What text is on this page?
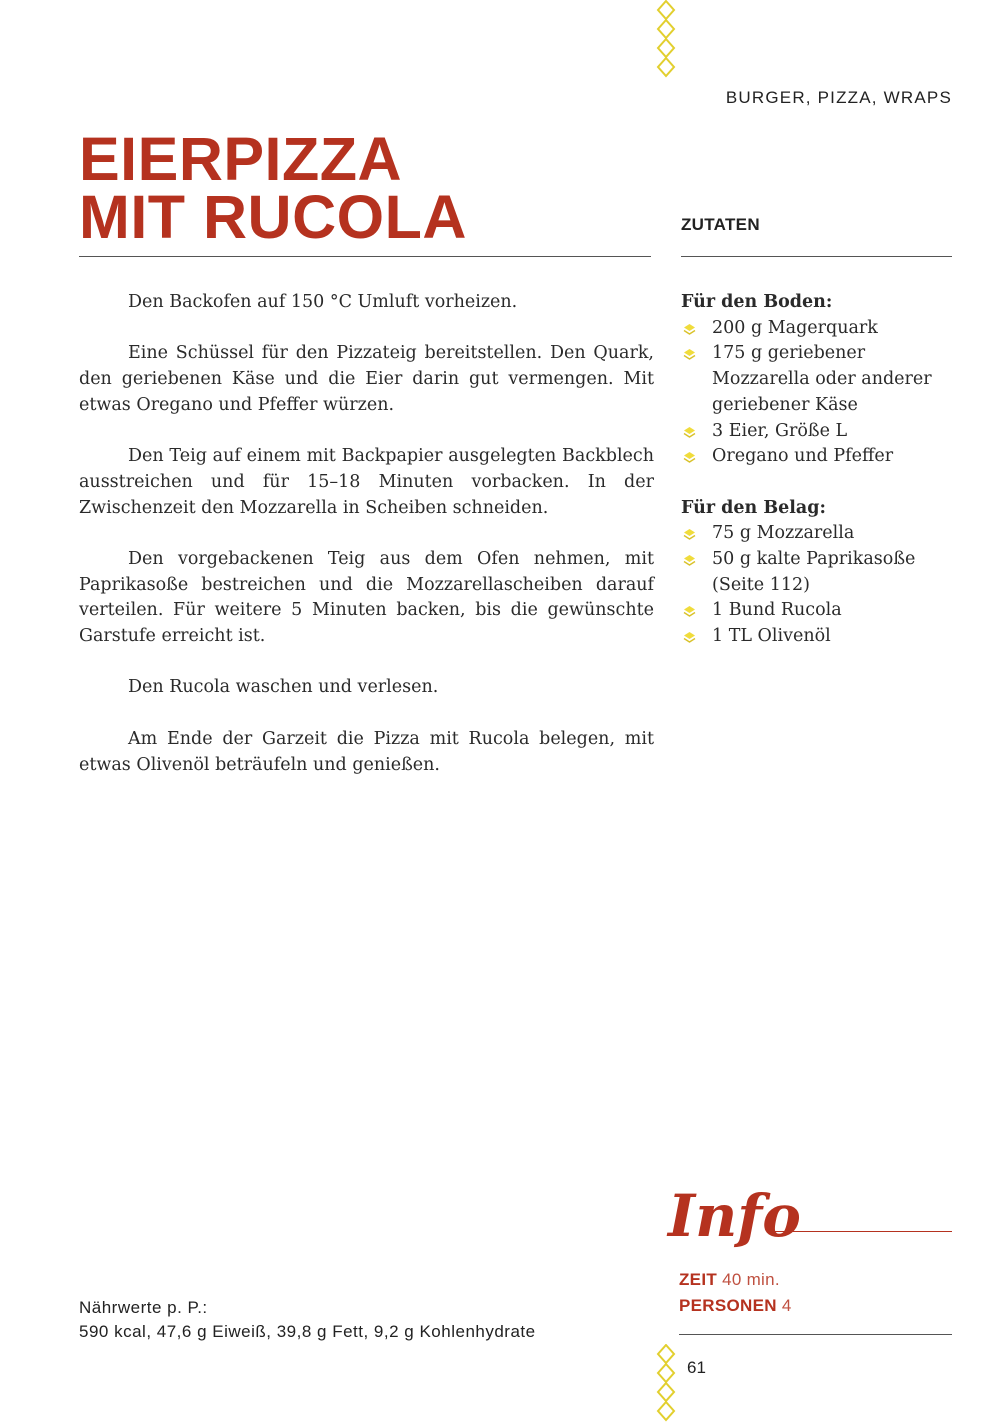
BURGER, PIZZA, WRAPS
EIERPIZZA
MIT RUCOLA	ZUTATEN

Den Backofen auf 150 °C Umluft vorheizen.

Eine Schüssel für den Pizzateig bereitstellen. Den Quark, den geriebenen Käse und die Eier darin gut vermengen. Mit etwas Oregano und Pfeffer würzen.

Den Teig auf einem mit Backpapier ausgelegten Backblech ausstreichen und für 15–18 Minuten vorbacken. In der Zwischenzeit den Mozzarella in Scheiben schneiden.

Den vorgebackenen Teig aus dem Ofen nehmen, mit Paprikasoße bestreichen und die Mozzarellascheiben darauf verteilen. Für weitere 5 Minuten backen, bis die gewünschte Garstufe erreicht ist.

Den Rucola waschen und verlesen.

Am Ende der Garzeit die Pizza mit Rucola belegen, mit etwas Olivenöl beträufeln und genießen.

Für den Boden:
200 g Magerquark
175 g geriebener Mozzarella oder anderer geriebener Käse
3 Eier, Größe L
Oregano und Pfeffer
Für den Belag:
75 g Mozzarella
50 g kalte Paprikasoße (Seite 112)
1 Bund Rucola
1 TL Olivenöl
Info
ZEIT 40 min.
PERSONEN 4
Nährwerte p. P.:
590 kcal, 47,6 g Eiweiß, 39,8 g Fett, 9,2 g Kohlenhydrate
61
